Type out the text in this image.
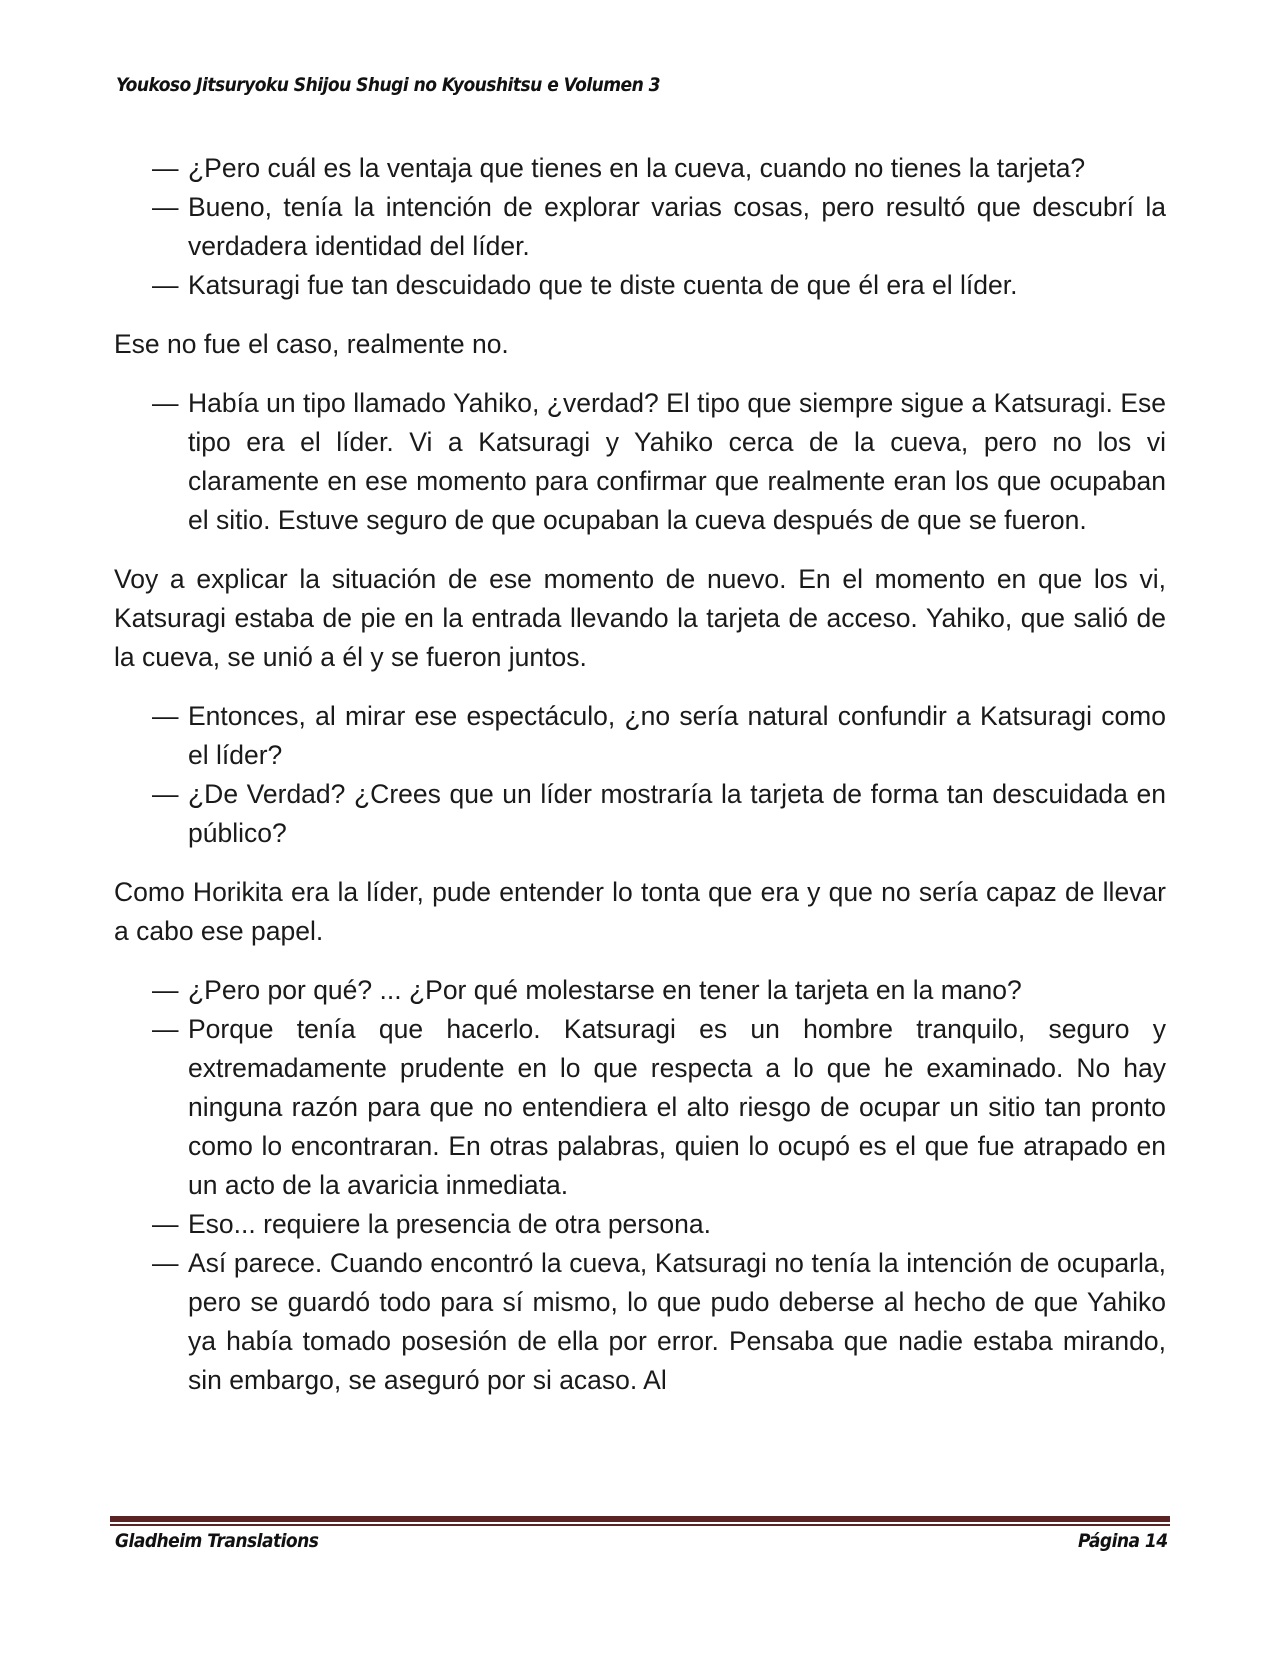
Youkoso Jitsuryoku Shijou Shugi no Kyoushitsu e Volumen 3

— ¿Pero cuál es la ventaja que tienes en la cueva, cuando no tienes la tarjeta?

— Bueno, tenía la intención de explorar varias cosas, pero resultó que descubrí la verdadera identidad del líder.

— Katsuragi fue tan descuidado que te diste cuenta de que él era el líder.

Ese no fue el caso, realmente no.

— Había un tipo llamado Yahiko, ¿verdad? El tipo que siempre sigue a Katsuragi. Ese tipo era el líder. Vi a Katsuragi y Yahiko cerca de la cueva, pero no los vi claramente en ese momento para confirmar que realmente eran los que ocupaban el sitio. Estuve seguro de que ocupaban la cueva después de que se fueron.

Voy a explicar la situación de ese momento de nuevo. En el momento en que los vi, Katsuragi estaba de pie en la entrada llevando la tarjeta de acceso. Yahiko, que salió de la cueva, se unió a él y se fueron juntos.

— Entonces, al mirar ese espectáculo, ¿no sería natural confundir a Katsuragi como el líder?

— ¿De Verdad? ¿Crees que un líder mostraría la tarjeta de forma tan descuidada en público?

Como Horikita era la líder, pude entender lo tonta que era y que no sería capaz de llevar a cabo ese papel.

— ¿Pero por qué? ... ¿Por qué molestarse en tener la tarjeta en la mano?

— Porque tenía que hacerlo. Katsuragi es un hombre tranquilo, seguro y extremadamente prudente en lo que respecta a lo que he examinado. No hay ninguna razón para que no entendiera el alto riesgo de ocupar un sitio tan pronto como lo encontraran. En otras palabras, quien lo ocupó es el que fue atrapado en un acto de la avaricia inmediata.

— Eso... requiere la presencia de otra persona.

— Así parece. Cuando encontró la cueva, Katsuragi no tenía la intención de ocuparla, pero se guardó todo para sí mismo, lo que pudo deberse al hecho de que Yahiko ya había tomado posesión de ella por error. Pensaba que nadie estaba mirando, sin embargo, se aseguró por si acaso. Al

Gladheim Translations	Página 14
